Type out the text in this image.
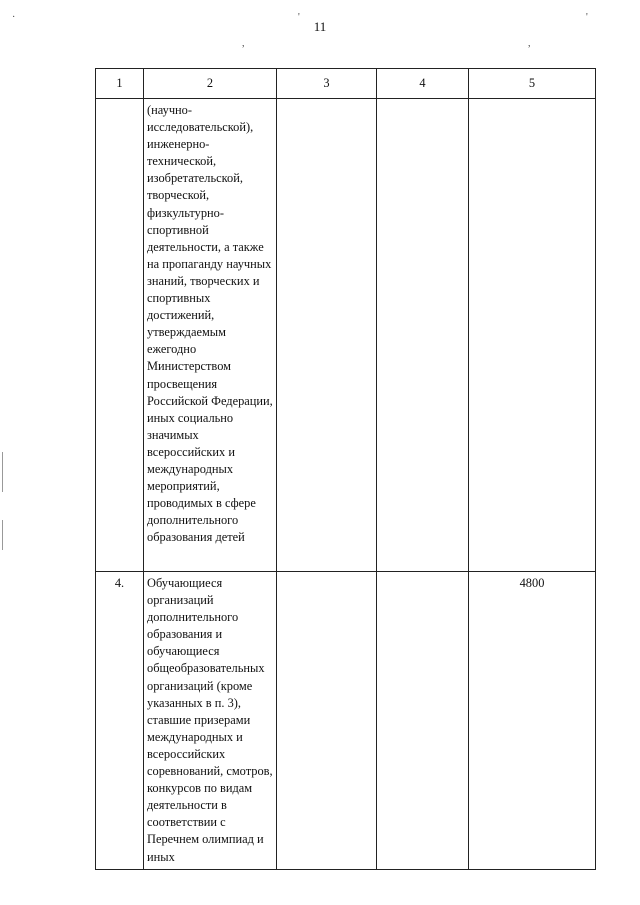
·	'	'
,	,
11
1	2	3	4	5

	(научно-исследовательской), инженерно-технической, изобретательской, творческой, физкультурно-спортивной деятельности, а также на пропаганду научных знаний, творческих и спортивных достижений, утверждаемым ежегодно Министерством просвещения Российской Федерации, иных социально значимых всероссийских и международных мероприятий, проводимых в сфере дополнительного образования детей			

4.	Обучающиеся организаций дополнительного образования и обучающиеся общеобразовательных организаций (кроме указанных в п. 3), ставшие призерами международных и всероссийских соревнований, смотров, конкурсов по видам деятельности в соответствии с Перечнем олимпиад и иных			4800
